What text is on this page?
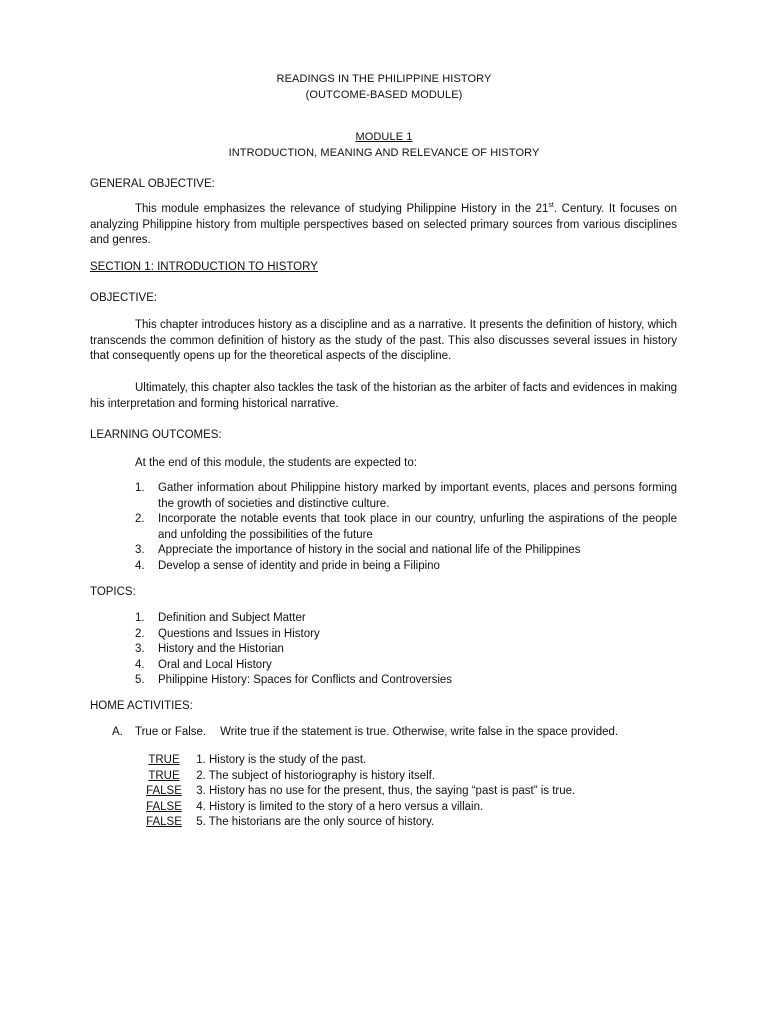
READINGS IN THE PHILIPPINE HISTORY
(OUTCOME-BASED MODULE)
MODULE 1
INTRODUCTION, MEANING AND RELEVANCE OF HISTORY
GENERAL OBJECTIVE:
This module emphasizes the relevance of studying Philippine History in the 21st. Century. It focuses on analyzing Philippine history from multiple perspectives based on selected primary sources from various disciplines and genres.
SECTION 1: INTRODUCTION TO HISTORY
OBJECTIVE:
This chapter introduces history as a discipline and as a narrative. It presents the definition of history, which transcends the common definition of history as the study of the past. This also discusses several issues in history that consequently opens up for the theoretical aspects of the discipline.
Ultimately, this chapter also tackles the task of the historian as the arbiter of facts and evidences in making his interpretation and forming historical narrative.
LEARNING OUTCOMES:
At the end of this module, the students are expected to:
1. Gather information about Philippine history marked by important events, places and persons forming the growth of societies and distinctive culture.
2. Incorporate the notable events that took place in our country, unfurling the aspirations of the people and unfolding the possibilities of the future
3. Appreciate the importance of history in the social and national life of the Philippines
4. Develop a sense of identity and pride in being a Filipino
TOPICS:
1. Definition and Subject Matter
2. Questions and Issues in History
3. History and the Historian
4. Oral and Local History
5. Philippine History: Spaces for Conflicts and Controversies
HOME ACTIVITIES:
A. True or False. Write true if the statement is true. Otherwise, write false in the space provided.
TRUE 1. History is the study of the past.
TRUE 2. The subject of historiography is history itself.
FALSE 3. History has no use for the present, thus, the saying “past is past” is true.
FALSE 4. History is limited to the story of a hero versus a villain.
FALSE 5. The historians are the only source of history.
